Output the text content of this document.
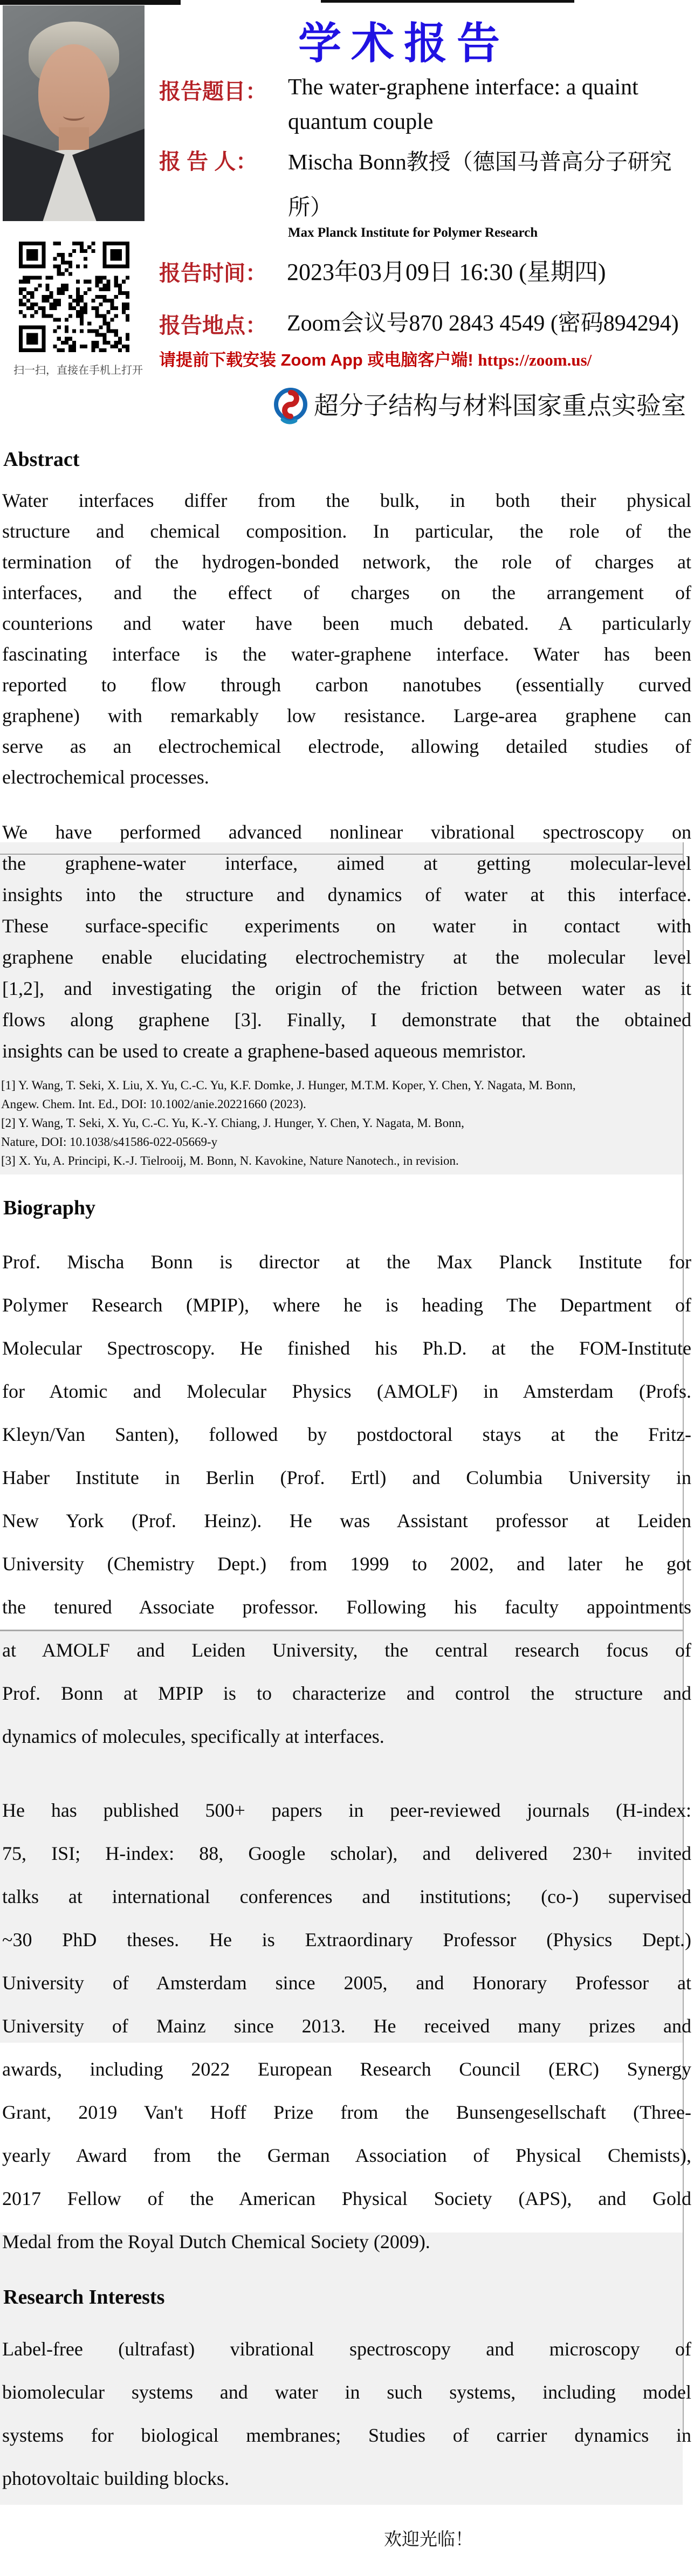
学术报告
报告题目： The water-graphene interface: a quaint quantum couple
报 告 人： Mischa Bonn教授（德国马普高分子研究所）
Max Planck Institute for Polymer Research
扫一扫，直接在手机上打开
报告时间： 2023年03月09日 16:30 (星期四)
报告地点： Zoom会议号870 2843 4549 (密码894294)
请提前下载安装 Zoom App 或电脑客户端! https://zoom.us/
超分子结构与材料国家重点实验室
Abstract
Water interfaces differ from the bulk, in both their physical
structure and chemical composition. In particular, the role of the
termination of the hydrogen-bonded network, the role of charges at
interfaces, and the effect of charges on the arrangement of
counterions and water have been much debated. A particularly
fascinating interface is the water-graphene interface. Water has been
reported to flow through carbon nanotubes (essentially curved
graphene) with remarkably low resistance. Large-area graphene can
serve as an electrochemical electrode, allowing detailed studies of
electrochemical processes.
We have performed advanced nonlinear vibrational spectroscopy on
the graphene-water interface, aimed at getting molecular-level
insights into the structure and dynamics of water at this interface.
These surface-specific experiments on water in contact with
graphene enable elucidating electrochemistry at the molecular level
[1,2], and investigating the origin of the friction between water as it
flows along graphene [3]. Finally, I demonstrate that the obtained
insights can be used to create a graphene-based aqueous memristor.
[1] Y. Wang, T. Seki, X. Liu, X. Yu, C.-C. Yu, K.F. Domke, J. Hunger, M.T.M. Koper, Y. Chen, Y. Nagata, M. Bonn,
Angew. Chem. Int. Ed., DOI: 10.1002/anie.20221660 (2023).
[2] Y. Wang, T. Seki, X. Yu, C.-C. Yu, K.-Y. Chiang, J. Hunger, Y. Chen, Y. Nagata, M. Bonn,
Nature, DOI: 10.1038/s41586-022-05669-y
[3] X. Yu, A. Principi, K.-J. Tielrooij, M. Bonn, N. Kavokine, Nature Nanotech., in revision.
Biography
Prof. Mischa Bonn is director at the Max Planck Institute for
Polymer Research (MPIP), where he is heading The Department of
Molecular Spectroscopy. He finished his Ph.D. at the FOM-Institute
for Atomic and Molecular Physics (AMOLF) in Amsterdam (Profs.
Kleyn/Van Santen), followed by postdoctoral stays at the Fritz-
Haber Institute in Berlin (Prof. Ertl) and Columbia University in
New York (Prof. Heinz). He was Assistant professor at Leiden
University (Chemistry Dept.) from 1999 to 2002, and later he got
the tenured Associate professor. Following his faculty appointments
at AMOLF and Leiden University, the central research focus of
Prof. Bonn at MPIP is to characterize and control the structure and
dynamics of molecules, specifically at interfaces.
He has published 500+ papers in peer-reviewed journals (H-index:
75, ISI; H-index: 88, Google scholar), and delivered 230+ invited
talks at international conferences and institutions; (co-) supervised
~30 PhD theses. He is Extraordinary Professor (Physics Dept.)
University of Amsterdam since 2005, and Honorary Professor at
University of Mainz since 2013. He received many prizes and
awards, including 2022 European Research Council (ERC) Synergy
Grant, 2019 Van't Hoff Prize from the Bunsengesellschaft (Three-
yearly Award from the German Association of Physical Chemists),
2017 Fellow of the American Physical Society (APS), and Gold
Medal from the Royal Dutch Chemical Society (2009).
Research Interests
Label-free (ultrafast) vibrational spectroscopy and microscopy of
biomolecular systems and water in such systems, including model
systems for biological membranes; Studies of carrier dynamics in
photovoltaic building blocks.
欢迎光临！
